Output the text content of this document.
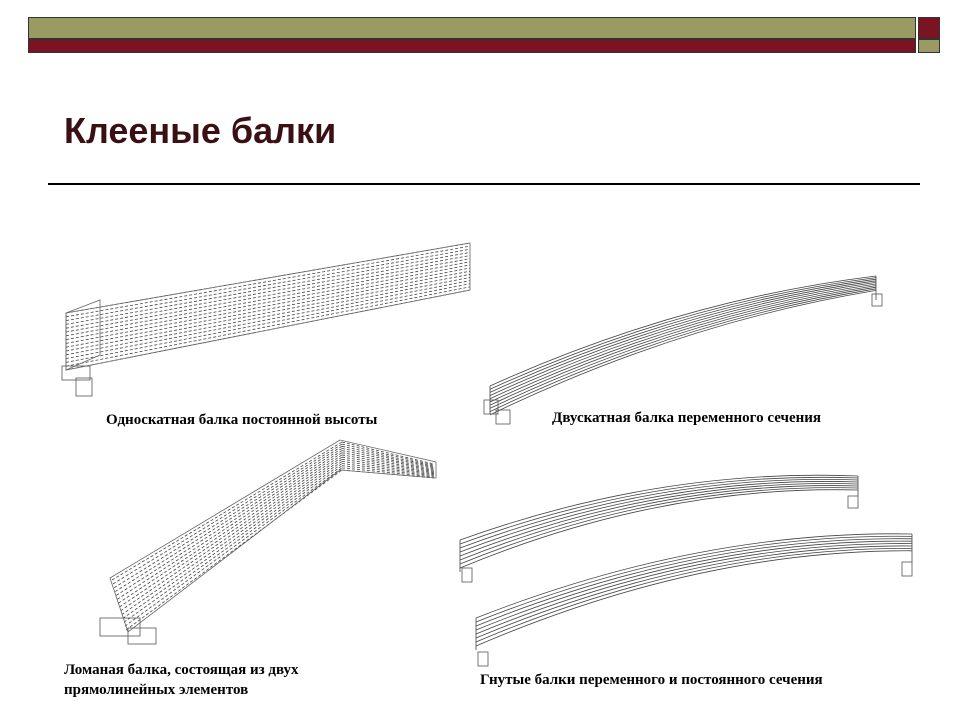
Клееные балки
Односкатная балка постоянной высоты	Двускатная балка переменного сечения
Ломаная балка, состоящая из двух
прямолинейных элементов
Гнутые балки переменного и постоянного сечения
